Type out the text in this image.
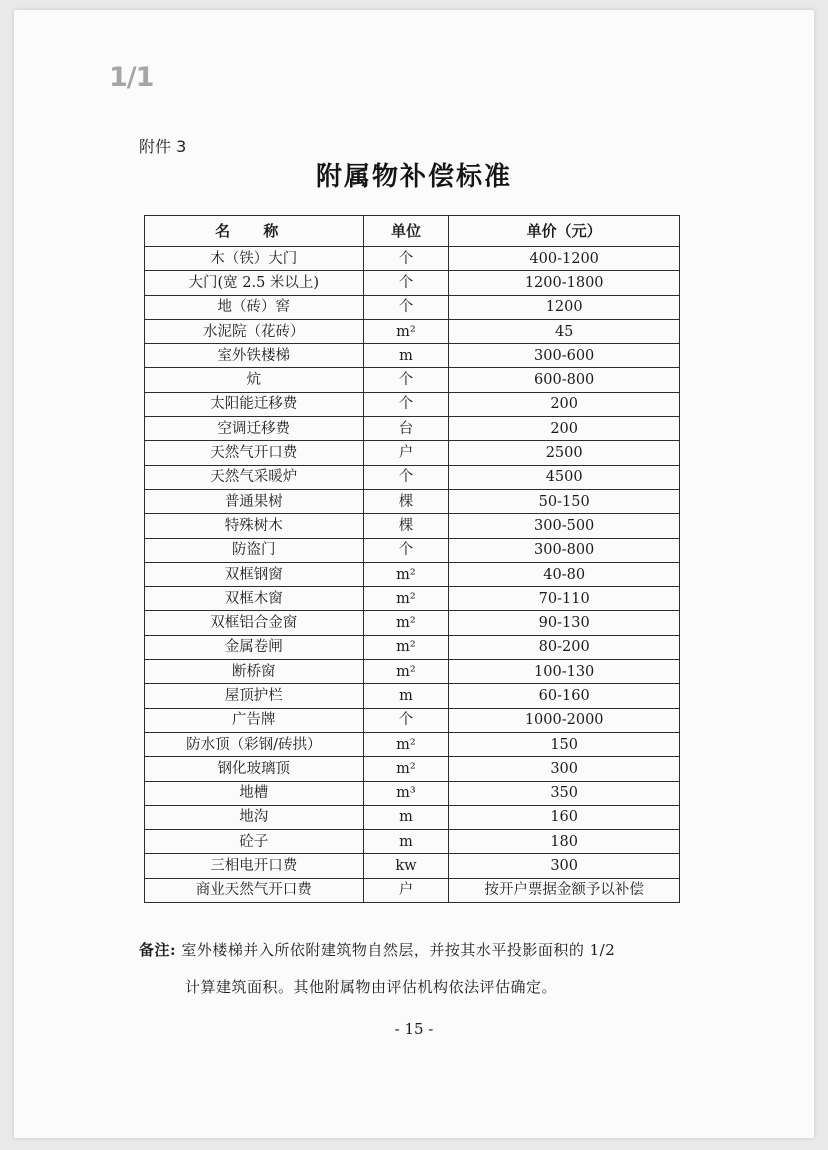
1/1
附件 3
附属物补偿标准
名 称	单位	单价（元）
木（铁）大门	个	400-1200
大门(宽 2.5 米以上)	个	1200-1800
地（砖）窖	个	1200
水泥院（花砖）	m²	45
室外铁楼梯	m	300-600
炕	个	600-800
太阳能迁移费	个	200
空调迁移费	台	200
天然气开口费	户	2500
天然气采暖炉	个	4500
普通果树	棵	50-150
特殊树木	棵	300-500
防盗门	个	300-800
双框钢窗	m²	40-80
双框木窗	m²	70-110
双框铝合金窗	m²	90-130
金属卷闸	m²	80-200
断桥窗	m²	100-130
屋顶护栏	m	60-160
广告牌	个	1000-2000
防水顶（彩钢/砖拱）	m²	150
钢化玻璃顶	m²	300
地槽	m³	350
地沟	m	160
砼子	m	180
三相电开口费	kw	300
商业天然气开口费	户	按开户票据金额予以补偿
备注: 室外楼梯并入所依附建筑物自然层，并按其水平投影面积的 1/2
计算建筑面积。其他附属物由评估机构依法评估确定。
- 15 -
